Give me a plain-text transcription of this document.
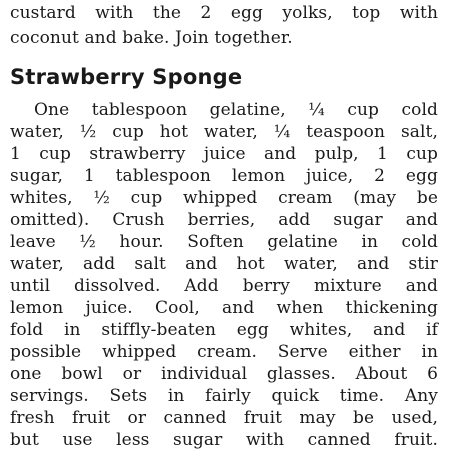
custard with the 2 egg yolks, top with
coconut and bake. Join together.
Strawberry Sponge
One tablespoon gelatine, ¼ cup cold
water, ½ cup hot water, ¼ teaspoon salt,
1 cup strawberry juice and pulp, 1 cup
sugar, 1 tablespoon lemon juice, 2 egg
whites, ½ cup whipped cream (may be
omitted). Crush berries, add sugar and
leave ½ hour. Soften gelatine in cold
water, add salt and hot water, and stir
until dissolved. Add berry mixture and
lemon juice. Cool, and when thickening
fold in stiffly-beaten egg whites, and if
possible whipped cream. Serve either in
one bowl or individual glasses. About 6
servings. Sets in fairly quick time. Any
fresh fruit or canned fruit may be used,
but use less sugar with canned fruit.
